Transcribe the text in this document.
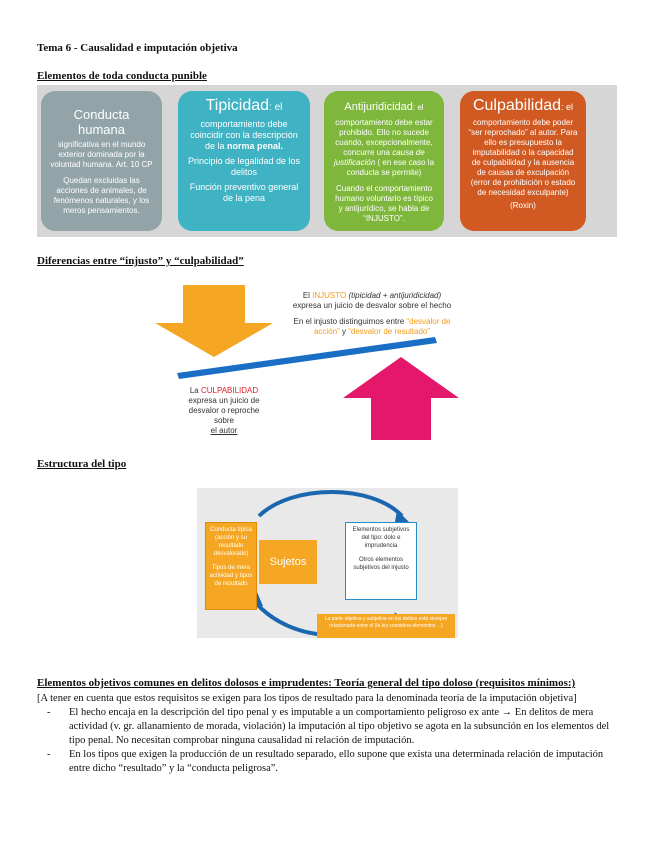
Tema 6 - Causalidad e imputación objetiva
Elementos de toda conducta punible
Conducta humana
significativa en el mundo exterior dominada por la voluntad humana. Art. 10 CP
Quedan excluidas las acciones de animales, de fenómenos naturales, y los meros pensamientos.
Tipicidad: el
comportamiento debe coincidir con la descripción de la norma penal.
Principio de legalidad de los delitos
Función preventivo general de la pena
Antijuridicidad: el
comportamiento debe estar prohibido. Ello no sucede cuando, excepcionalmente, concurre una causa de justificación ( en ese caso la conducta se permite)
Cuando el comportamiento humano voluntario es típico y antijurídico, se habla de “INJUSTO”.
Culpabilidad: el
comportamiento debe poder “ser reprochado” al autor. Para ello es presupuesto la imputabilidad o la capacidad de culpabilidad y la ausencia de causas de exculpación (error de prohibición o estado de necesidad exculpante)
(Roxin)
Diferencias entre “injusto” y “culpabilidad”
El INJUSTO (tipicidad + antijuridicidad)
expresa un juicio de desvalor sobre el hecho
En el injusto distinguimos entre “desvalor de acción” y “desvalor de resultado”
La CULPABILIDAD
expresa un juicio de desvalor o reproche sobre
el autor
Estructura del tipo
Conducta típica (acción y su resultado desvalorado)
Tipos de mera actividad y tipos de resultado
Sujetos
Elementos subjetivos del tipo: dolo e imprudencia
Otros elementos subjetivos del injusto
La parte objetiva y subjetiva en los delitos está siempre relacionada entre sí (la ley considera elementos ...)
Elementos objetivos comunes en delitos dolosos e imprudentes: Teoría general del tipo doloso (requisitos mínimos:)
[A tener en cuenta que estos requisitos se exigen para los tipos de resultado para la denominada teoría de la imputación objetiva]
- El hecho encaja en la descripción del tipo penal y es imputable a un comportamiento peligroso ex ante → En delitos de mera actividad (v. gr. allanamiento de morada, violación) la imputación al tipo objetivo se agota en la subsunción en los elementos del tipo penal. No necesitan comprobar ninguna causalidad ni relación de imputación.
- En los tipos que exigen la producción de un resultado separado, ello supone que exista una determinada relación de imputación entre dicho “resultado” y la “conducta peligrosa”.
